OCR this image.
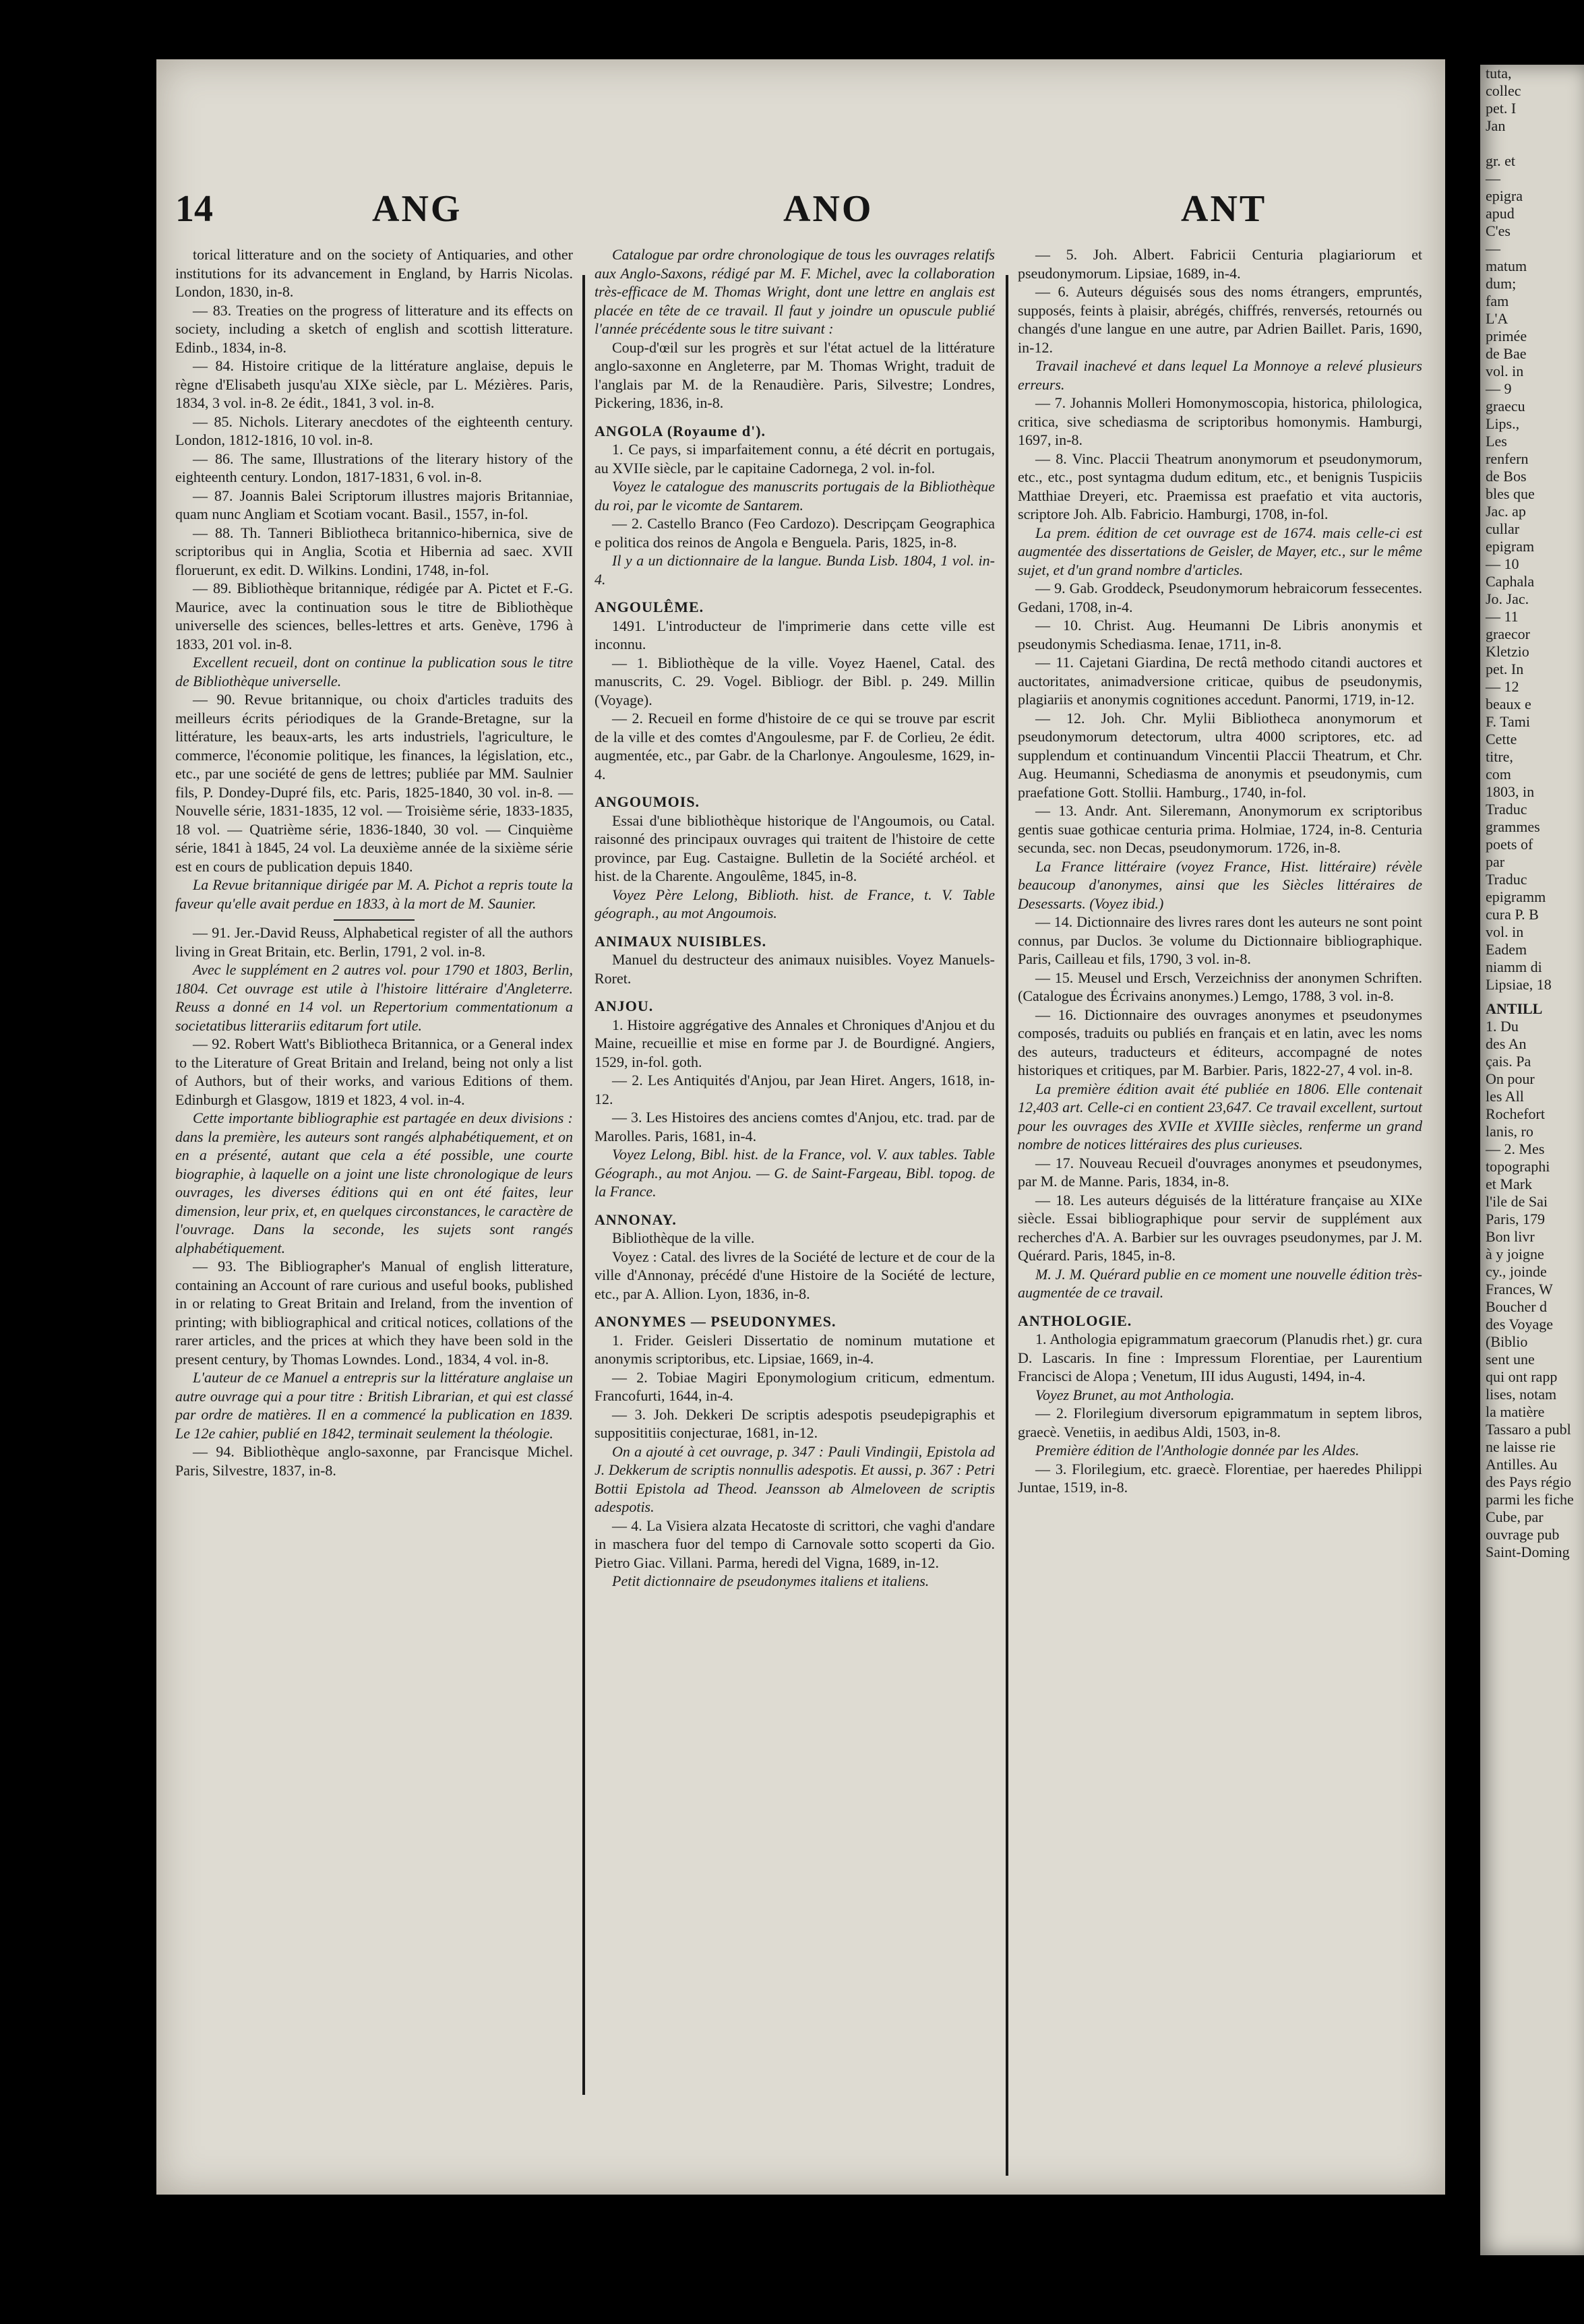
14	ANG	ANO	ANT

torical litterature and on the society of Antiquaries, and other institutions for its advancement in England, by Harris Nicolas. London, 1830, in-8.

— 83. Treaties on the progress of litterature and its effects on society, including a sketch of english and scottish litterature. Edinb., 1834, in-8.

— 84. Histoire critique de la littérature anglaise, depuis le règne d'Elisabeth jusqu'au XIXe siècle, par L. Mézières. Paris, 1834, 3 vol. in-8. 2e édit., 1841, 3 vol. in-8.

— 85. Nichols. Literary anecdotes of the eighteenth century. London, 1812-1816, 10 vol. in-8.

— 86. The same, Illustrations of the literary history of the eighteenth century. London, 1817-1831, 6 vol. in-8.

— 87. Joannis Balei Scriptorum illustres majoris Britanniae, quam nunc Angliam et Scotiam vocant. Basil., 1557, in-fol.

— 88. Th. Tanneri Bibliotheca britannico-hibernica, sive de scriptoribus qui in Anglia, Scotia et Hibernia ad saec. XVII floruerunt, ex edit. D. Wilkins. Londini, 1748, in-fol.

— 89. Bibliothèque britannique, rédigée par A. Pictet et F.-G. Maurice, avec la continuation sous le titre de Bibliothèque universelle des sciences, belles-lettres et arts. Genève, 1796 à 1833, 201 vol. in-8.

Excellent recueil, dont on continue la publication sous le titre de Bibliothèque universelle.

— 90. Revue britannique, ou choix d'articles traduits des meilleurs écrits périodiques de la Grande-Bretagne, sur la littérature, les beaux-arts, les arts industriels, l'agriculture, le commerce, l'économie politique, les finances, la législation, etc., etc., par une société de gens de lettres; publiée par MM. Saulnier fils, P. Dondey-Dupré fils, etc. Paris, 1825-1840, 30 vol. in-8. — Nouvelle série, 1831-1835, 12 vol. — Troisième série, 1833-1835, 18 vol. — Quatrième série, 1836-1840, 30 vol. — Cinquième série, 1841 à 1845, 24 vol. La deuxième année de la sixième série est en cours de publication depuis 1840.

La Revue britannique dirigée par M. A. Pichot a repris toute la faveur qu'elle avait perdue en 1833, à la mort de M. Saunier.

— 91. Jer.-David Reuss, Alphabetical register of all the authors living in Great Britain, etc. Berlin, 1791, 2 vol. in-8.

Avec le supplément en 2 autres vol. pour 1790 et 1803, Berlin, 1804. Cet ouvrage est utile à l'histoire littéraire d'Angleterre. Reuss a donné en 14 vol. un Repertorium commentationum a societatibus litterariis editarum fort utile.

— 92. Robert Watt's Bibliotheca Britannica, or a General index to the Literature of Great Britain and Ireland, being not only a list of Authors, but of their works, and various Editions of them. Edinburgh et Glasgow, 1819 et 1823, 4 vol. in-4.

Cette importante bibliographie est partagée en deux divisions : dans la première, les auteurs sont rangés alphabétiquement, et on en a présenté, autant que cela a été possible, une courte biographie, à laquelle on a joint une liste chronologique de leurs ouvrages, les diverses éditions qui en ont été faites, leur dimension, leur prix, et, en quelques circonstances, le caractère de l'ouvrage. Dans la seconde, les sujets sont rangés alphabétiquement.

— 93. The Bibliographer's Manual of english litterature, containing an Account of rare curious and useful books, published in or relating to Great Britain and Ireland, from the invention of printing; with bibliographical and critical notices, collations of the rarer articles, and the prices at which they have been sold in the present century, by Thomas Lowndes. Lond., 1834, 4 vol. in-8.

L'auteur de ce Manuel a entrepris sur la littérature anglaise un autre ouvrage qui a pour titre : British Librarian, et qui est classé par ordre de matières. Il en a commencé la publication en 1839. Le 12e cahier, publié en 1842, terminait seulement la théologie.

— 94. Bibliothèque anglo-saxonne, par Francisque Michel. Paris, Silvestre, 1837, in-8.

Catalogue par ordre chronologique de tous les ouvrages relatifs aux Anglo-Saxons, rédigé par M. F. Michel, avec la collaboration très-efficace de M. Thomas Wright, dont une lettre en anglais est placée en tête de ce travail. Il faut y joindre un opuscule publié l'année précédente sous le titre suivant :

Coup-d'œil sur les progrès et sur l'état actuel de la littérature anglo-saxonne en Angleterre, par M. Thomas Wright, traduit de l'anglais par M. de la Renaudière. Paris, Silvestre; Londres, Pickering, 1836, in-8.

ANGOLA (Royaume d').

1. Ce pays, si imparfaitement connu, a été décrit en portugais, au XVIIe siècle, par le capitaine Cadornega, 2 vol. in-fol.

Voyez le catalogue des manuscrits portugais de la Bibliothèque du roi, par le vicomte de Santarem.

— 2. Castello Branco (Feo Cardozo). Descripçam Geographica e politica dos reinos de Angola e Benguela. Paris, 1825, in-8.

Il y a un dictionnaire de la langue. Bunda Lisb. 1804, 1 vol. in-4.

ANGOULÊME.

1491. L'introducteur de l'imprimerie dans cette ville est inconnu.

— 1. Bibliothèque de la ville. Voyez Haenel, Catal. des manuscrits, C. 29. Vogel. Bibliogr. der Bibl. p. 249. Millin (Voyage).

— 2. Recueil en forme d'histoire de ce qui se trouve par escrit de la ville et des comtes d'Angoulesme, par F. de Corlieu, 2e édit. augmentée, etc., par Gabr. de la Charlonye. Angoulesme, 1629, in-4.

ANGOUMOIS.

Essai d'une bibliothèque historique de l'Angoumois, ou Catal. raisonné des principaux ouvrages qui traitent de l'histoire de cette province, par Eug. Castaigne. Bulletin de la Société archéol. et hist. de la Charente. Angoulême, 1845, in-8.

Voyez Père Lelong, Biblioth. hist. de France, t. V. Table géograph., au mot Angoumois.

ANIMAUX NUISIBLES.

Manuel du destructeur des animaux nuisibles. Voyez Manuels-Roret.

ANJOU.

1. Histoire aggrégative des Annales et Chroniques d'Anjou et du Maine, recueillie et mise en forme par J. de Bourdigné. Angiers, 1529, in-fol. goth.

— 2. Les Antiquités d'Anjou, par Jean Hiret. Angers, 1618, in-12.

— 3. Les Histoires des anciens comtes d'Anjou, etc. trad. par de Marolles. Paris, 1681, in-4.

Voyez Lelong, Bibl. hist. de la France, vol. V. aux tables. Table Géograph., au mot Anjou. — G. de Saint-Fargeau, Bibl. topog. de la France.

ANNONAY.

Bibliothèque de la ville.

Voyez : Catal. des livres de la Société de lecture et de cour de la ville d'Annonay, précédé d'une Histoire de la Société de lecture, etc., par A. Allion. Lyon, 1836, in-8.

ANONYMES — PSEUDONYMES.

1. Frider. Geisleri Dissertatio de nominum mutatione et anonymis scriptoribus, etc. Lipsiae, 1669, in-4.

— 2. Tobiae Magiri Eponymologium criticum, edmentum. Francofurti, 1644, in-4.

— 3. Joh. Dekkeri De scriptis adespotis pseudepigraphis et supposititiis conjecturae, 1681, in-12.

On a ajouté à cet ouvrage, p. 347 : Pauli Vindingii, Epistola ad J. Dekkerum de scriptis nonnullis adespotis. Et aussi, p. 367 : Petri Bottii Epistola ad Theod. Jeansson ab Almeloveen de scriptis adespotis.

— 4. La Visiera alzata Hecatoste di scrittori, che vaghi d'andare in maschera fuor del tempo di Carnovale sotto scoperti da Gio. Pietro Giac. Villani. Parma, heredi del Vigna, 1689, in-12.

Petit dictionnaire de pseudonymes italiens et italiens.

— 5. Joh. Albert. Fabricii Centuria plagiariorum et pseudonymorum. Lipsiae, 1689, in-4.

— 6. Auteurs déguisés sous des noms étrangers, empruntés, supposés, feints à plaisir, abrégés, chiffrés, renversés, retournés ou changés d'une langue en une autre, par Adrien Baillet. Paris, 1690, in-12.

Travail inachevé et dans lequel La Monnoye a relevé plusieurs erreurs.

— 7. Johannis Molleri Homonymoscopia, historica, philologica, critica, sive schediasma de scriptoribus homonymis. Hamburgi, 1697, in-8.

— 8. Vinc. Placcii Theatrum anonymorum et pseudonymorum, etc., etc., post syntagma dudum editum, etc., et benignis Tuspiciis Matthiae Dreyeri, etc. Praemissa est praefatio et vita auctoris, scriptore Joh. Alb. Fabricio. Hamburgi, 1708, in-fol.

La prem. édition de cet ouvrage est de 1674. mais celle-ci est augmentée des dissertations de Geisler, de Mayer, etc., sur le même sujet, et d'un grand nombre d'articles.

— 9. Gab. Groddeck, Pseudonymorum hebraicorum fessecentes. Gedani, 1708, in-4.

— 10. Christ. Aug. Heumanni De Libris anonymis et pseudonymis Schediasma. Ienae, 1711, in-8.

— 11. Cajetani Giardina, De rectâ methodo citandi auctores et auctoritates, animadversione criticae, quibus de pseudonymis, plagiariis et anonymis cognitiones accedunt. Panormi, 1719, in-12.

— 12. Joh. Chr. Mylii Bibliotheca anonymorum et pseudonymorum detectorum, ultra 4000 scriptores, etc. ad supplendum et continuandum Vincentii Placcii Theatrum, et Chr. Aug. Heumanni, Schediasma de anonymis et pseudonymis, cum praefatione Gott. Stollii. Hamburg., 1740, in-fol.

— 13. Andr. Ant. Sileremann, Anonymorum ex scriptoribus gentis suae gothicae centuria prima. Holmiae, 1724, in-8. Centuria secunda, sec. non Decas, pseudonymorum. 1726, in-8.

La France littéraire (voyez France, Hist. littéraire) révèle beaucoup d'anonymes, ainsi que les Siècles littéraires de Desessarts. (Voyez ibid.)

— 14. Dictionnaire des livres rares dont les auteurs ne sont point connus, par Duclos. 3e volume du Dictionnaire bibliographique. Paris, Cailleau et fils, 1790, 3 vol. in-8.

— 15. Meusel und Ersch, Verzeichniss der anonymen Schriften. (Catalogue des Écrivains anonymes.) Lemgo, 1788, 3 vol. in-8.

— 16. Dictionnaire des ouvrages anonymes et pseudonymes composés, traduits ou publiés en français et en latin, avec les noms des auteurs, traducteurs et éditeurs, accompagné de notes historiques et critiques, par M. Barbier. Paris, 1822-27, 4 vol. in-8.

La première édition avait été publiée en 1806. Elle contenait 12,403 art. Celle-ci en contient 23,647. Ce travail excellent, surtout pour les ouvrages des XVIIe et XVIIIe siècles, renferme un grand nombre de notices littéraires des plus curieuses.

— 17. Nouveau Recueil d'ouvrages anonymes et pseudonymes, par M. de Manne. Paris, 1834, in-8.

— 18. Les auteurs déguisés de la littérature française au XIXe siècle. Essai bibliographique pour servir de supplément aux recherches d'A. A. Barbier sur les ouvrages pseudonymes, par J. M. Quérard. Paris, 1845, in-8.

M. J. M. Quérard publie en ce moment une nouvelle édition très-augmentée de ce travail.

ANTHOLOGIE.

1. Anthologia epigrammatum graecorum (Planudis rhet.) gr. cura D. Lascaris. In fine : Impressum Florentiae, per Laurentium Francisci de Alopa ; Venetum, III idus Augusti, 1494, in-4.

Voyez Brunet, au mot Anthologia.

— 2. Florilegium diversorum epigrammatum in septem libros, graecè. Venetiis, in aedibus Aldi, 1503, in-8.

Première édition de l'Anthologie donnée par les Aldes.

— 3. Florilegium, etc. graecè. Florentiae, per haeredes Philippi Juntae, 1519, in-8.

tuta,
collec
pet. I
Jan

gr. et
—
epigra
apud
C'es
—
matum
dum;
fam
L'A
primée
de Bae
vol. in
— 9
graecu
Lips.,
Les
renfern
de Bos
bles que
Jac. ap
cullar
epigram
— 10
Caphala
Jo. Jac.
— 11
graecor
Kletzio
pet. In
— 12
beaux e
F. Tami
Cette
titre,
com
1803, in
Traduc
grammes
poets of
par
Traduc
epigramm
cura P. B
vol. in
Eadem
niamm di
Lipsiae, 18
ANTILL
1. Du
des An
çais. Pa
On pour
les All
Rochefort
lanis, ro
— 2. Mes
topographi
et Mark
l'ile de Sai
Paris, 179
Bon livr
à y joigne
cy., joinde
Frances, W
Boucher d
des Voyage
(Biblio
sent une
qui ont rapp
lises, notam
la matière
Tassaro a publ
ne laisse rie
Antilles. Au
des Pays régio
parmi les fiche
Cube, par
ouvrage pub
Saint-Doming
